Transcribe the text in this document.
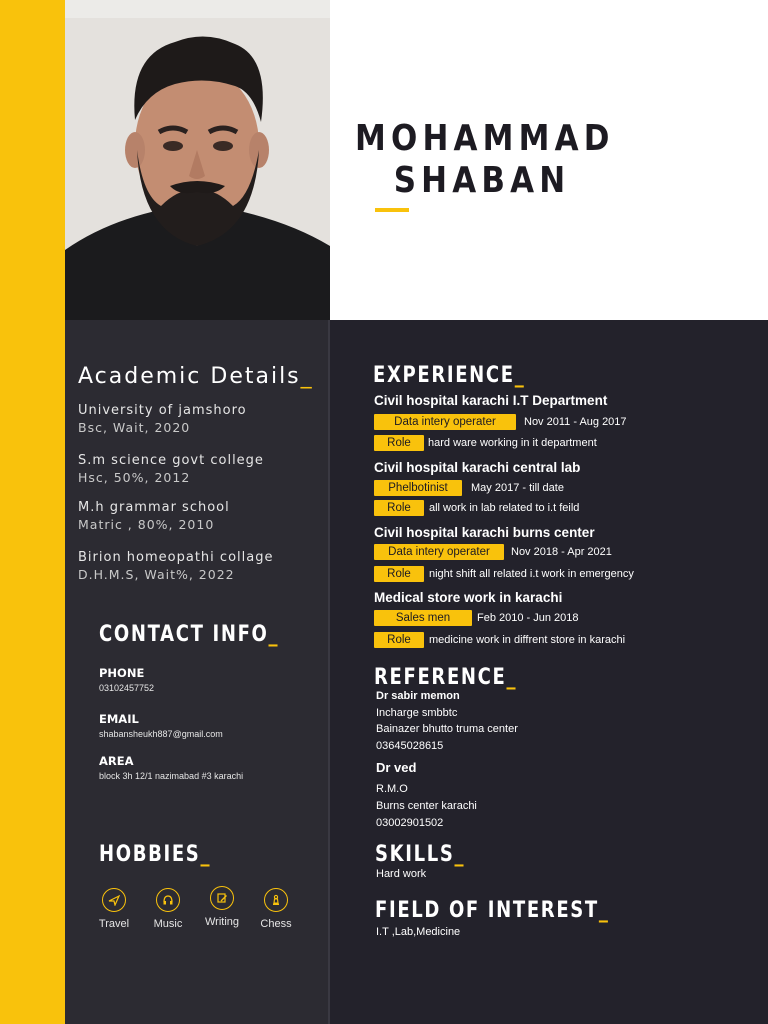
MOHAMMAD
SHABAN
Academic Details_
University of jamshoro
Bsc, Wait, 2020
S.m science govt college
Hsc, 50%, 2012
M.h grammar school
Matric , 80%, 2010
Birion homeopathi collage
D.H.M.S, Wait%, 2022
CONTACT INFO_
PHONE
03102457752
EMAIL
shabansheukh887@gmail.com
AREA
block 3h 12/1 nazimabad #3 karachi
HOBBIES_
Travel	Music	Writing	Chess
EXPERIENCE_
Civil hospital karachi I.T Department
Data intery operater	Nov 2011 - Aug 2017
Role	hard ware working in it department
Civil hospital karachi central lab
Phelbotinist	May 2017 - till date
Role	all work in lab related to i.t feild
Civil hospital karachi burns center
Data intery operater	Nov 2018 - Apr 2021
Role	night shift all related i.t work in emergency
Medical store work in karachi
Sales men	Feb 2010 - Jun 2018
Role	medicine work in diffrent store in karachi
REFERENCE_
Dr sabir memon
Incharge smbbtc
Bainazer bhutto truma center
03645028615
Dr ved
R.M.O
Burns center karachi
03002901502
SKILLS_
Hard work
FIELD OF INTEREST_
I.T ,Lab,Medicine
